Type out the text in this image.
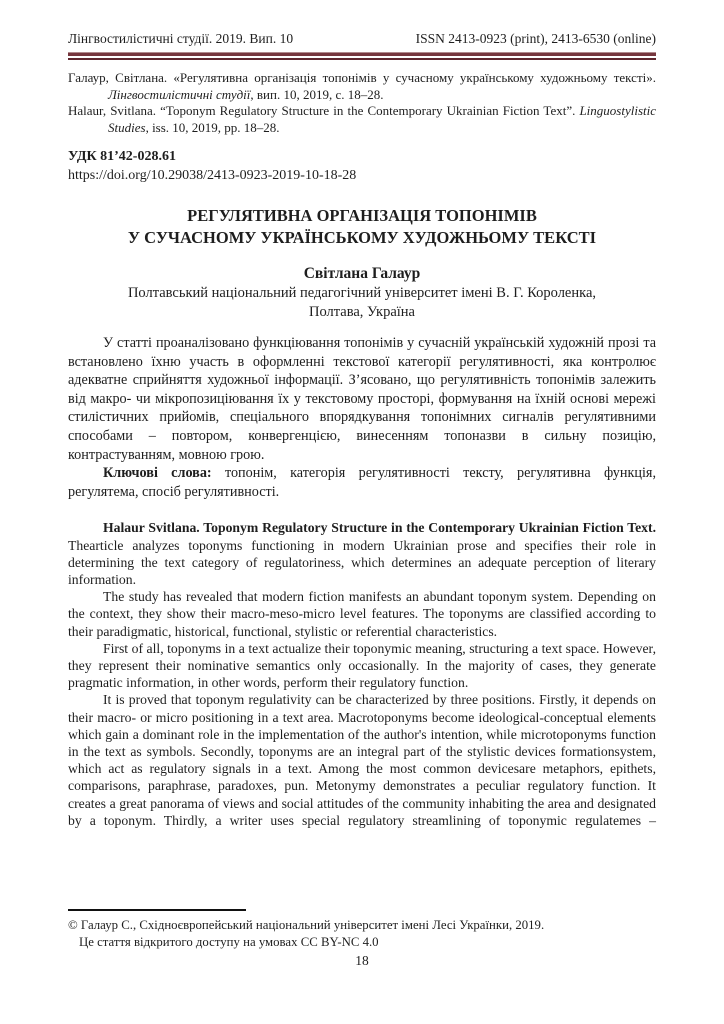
Лінгвостилістичні студії. 2019. Вип. 10	ISSN 2413-0923 (print), 2413-6530 (online)

Галаур, Світлана. «Регулятивна організація топонімів у сучасному українському художньому тексті». Лінгвостилістичні студії, вип. 10, 2019, с. 18–28.

Halaur, Svitlana. “Toponym Regulatory Structure in the Contemporary Ukrainian Fiction Text”. Linguostylistic Studies, iss. 10, 2019, pp. 18–28.

УДК 81’42-028.61
https://doi.org/10.29038/2413-0923-2019-10-18-28
РЕГУЛЯТИВНА ОРГАНІЗАЦІЯ ТОПОНІМІВ
У СУЧАСНОМУ УКРАЇНСЬКОМУ ХУДОЖНЬОМУ ТЕКСТІ
Світлана Галаур
Полтавський національний педагогічний університет імені В. Г. Короленка,
Полтава, Україна

У статті проаналізовано функціювання топонімів у сучасній українській художній прозі та встановлено їхню участь в оформленні текстової категорії регулятивності, яка контролює адекватне сприйняття художньої інформації. З’ясовано, що регулятивність топонімів залежить від макро- чи мікропозиціювання їх у текстовому просторі, формування на їхній основі мережі стилістичних прийомів, спеціального впорядкування топонімних сигналів регулятивними способами – повтором, конвергенцією, винесенням топоназви в сильну позицію, контрастуванням, мовною грою.

Ключові слова: топонім, категорія регулятивності тексту, регулятивна функція, регулятема, спосіб регулятивності.

Halaur Svitlana. Toponym Regulatory Structure in the Contemporary Ukrainian Fiction Text. Thearticle analyzes toponyms functioning in modern Ukrainian prose and specifies their role in determining the text category of regulatoriness, which determines an adequate perception of literary information.

The study has revealed that modern fiction manifests an abundant toponym system. Depending on the context, they show their macro-meso-micro level features. The toponyms are classified according to their paradigmatic, historical, functional, stylistic or referential characteristics.

First of all, toponyms in a text actualize their toponymic meaning, structuring a text space. However, they represent their nominative semantics only occasionally. In the majority of cases, they generate pragmatic information, in other words, perform their regulatory function.

It is proved that toponym regulativity can be characterized by three positions. Firstly, it depends on their macro- or micro positioning in a text area. Macrotoponyms become ideological-conceptual elements which gain a dominant role in the implementation of the author's intention, while microtoponyms function in the text as symbols. Secondly, toponyms are an integral part of the stylistic devices formationsystem, which act as regulatory signals in a text. Among the most common devicesare metaphors, epithets, comparisons, paraphrase, paradoxes, pun. Metonymy demonstrates a peculiar regulatory function. It creates a great panorama of views and social attitudes of the community inhabiting the area and designated by a toponym. Thirdly, a writer uses special regulatory streamlining of toponymic regulatemes –

© Галаур С., Східноєвропейський національний університет імені Лесі Українки, 2019.
Це стаття відкритого доступу на умовах CC BY-NC 4.0
18
